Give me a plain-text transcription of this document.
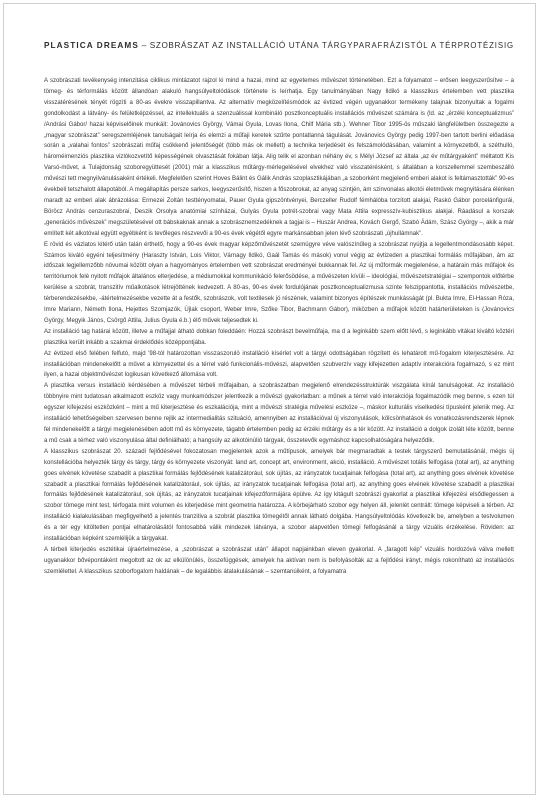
PLASTICA DREAMS – SZOBRÁSZAT AZ INSTALLÁCIÓ UTÁN A TÁRGYPARAFRÁZISTÓL A TÉRPROTÉZISIG

A szobrászati tevékenység intenzitása ciklikus mintázatot rajzol ki mind a hazai, mind az egyetemes művészet történetében. Ezt a folyamatot – erősen leegyszerűsítve – a tömeg- és térformálás között állandóan alakuló hangsúlyeltolódások története is leírhatja. Egy tanulmányában Nagy Ildikó a klasszikus értelemben vett plasztika visszatérésének tényét rögzíti a 80-as évekre visszapillantva. Az alternatív megközelítésmódok az évtized végén ugyanakkor termékeny talajnak bizonyultak a fogalmi gondolkodást a látvány- és felületképzéssel, az intellektuális a szenzuálissal kombináló posztkonceptuális installációs művészet számára is (ld. az „érzéki konceptualizmus” /Andrási Gábor/ hazai képviselőinek munkáit: Jovánovics György, Vámai Gyula, Lovas Ilona, Chilf Mária stb.). Wehner Tibor 1995-ös műszaki lángfelületben összegezte a „magyar szobrászat” seregszemléjének tanulságait leírja és elemzi a műfaji keretek szűrte pontatlanná tágulását. Jovánovics György pedig 1997-ben tartott berlini előadása során a „valahai fontos” szobrászati műfaj csökkenő jelentőségét (több más ok mellett) a technika terjedését és felszámolódásában, valamint a környezetből, a széthulló, hároméimenziós plasztika vizlókozvetítő képességének olvasztását fokában látja. Alig telik el azonban néhány év, s Mélyi József az általa „az év műtárgyaként” méltatott Kis Varsó-művet, a Tulajdonság szoboregyüttesét (2001) már a klasszikus műtárgy-mérlegelésével elvekhez való visszatérésként, s általában a korszellemmel szembeszálló művészi tett megnyilvánulásaként értékeli. Megfelelően szerint Hoves Bálint és Gálik András szoplasztikájában „a szoborként megjelenő emberi alakot is feltámasztották” 90-es évekbeli tetszhalott állapotából. A megállapítás persze sarkos, leegyszerűsítő, hiszen a főszobrokat, az anyag szintjén, ám szinvonalas alkotói életművek megnyitására élénken maradt az emberi alak ábrázolása: Ermezei Zoltán testtényomatai, Pauer Gyula gipszöntvényei, Berczeller Rudolf fémhálóba torzított alakjai, Raskó Gábor porcelánfigurái, Böröcz András cenzuraszobrai, Deszik Orsolya anatómiai színházai, Gulyás Gyula potrét-szobrai vagy Mata Attila expresszív-kubisztikus alakjai. Ráadásul a korszak „generációs művészek” megszületésével ott bábskaknak annak a szobrásznemzedéknek a tagjai is – Huszár Andrea, Kovách Gergő, Szabó Ádám, Szász György –, akik a már említett két alkotóval együtt egyébként is tevőleges részvevői a 90-es évek végétől egyre markánsabban jelen lévő szobrászati „újhullámnak”.

E rövid és vázlatos kitérő után talán érthető, hogy a 90-es évek magyar képzőművészetét szemügyre véve valószínűleg a szobrászat nyújtja a legellentmondásosabb képet. Számos kiváló egyéni teljesítmény (Haraszty István, Lois Viktor, Várnagy Ildikó, Gaál Tamás és mások) vonul végig az évtizeden a plasztikai formálás műfajában, ám az időszak legjellemzőbb növumai között olyan a hagyományos értelemben vett szobrászat eredményei bukkannak fel. Az új műformák megjelenése, a határain más műfajok és territóriumok felé nyitott műfajok általános elterjedése, a médiumokkal kommunikáció felerősödése, a művészeten kívüli – ideológiai, művészetstratégiai – szempontok előtérbe kerülése a szobrát, transzitív műalkotások létrejöttének kedvezett. A 80-as, 90-es évek fordulójának posztkonceptualizmusa színte felszippantotta, installációs művészetbe, térberendezésekbe, -átértelmezésekbe vezette át a festők, szobrászok, volt textilesek jó részének, valamint bizonyos építészek munkásságát (pl. Bukta Imre, El-Hassan Róza, Imre Mariann, Németh Ilona, Hejettes Szomjazók, Újlak csoport, Weber Imre, Szőke Tibor, Bachmann Gábor), miközben a műfajok között határterületeken is (Jovánovics György, Megyik János, Csörgő Attila, Julius Gyula é.b.) élő művek teljesedtek ki.

Az installáció tag határai között, illetve a műfajjal átható dobkan foleddáén: Hozzá szobrászt bevelműfaja, ma d a leginkább szem előtt lévő, s leginkább vitákat kiváltó köztéri plasztika került inkább a szakmai érdeklődés középpontjába.

Az évtized első felében felfutó, majd '98-tól határozottan visszaszoruló installáció kísérlet volt a tárgyi odottságában rögzített és lehatárolt mű-fogalom kiterjesztésére. Az installációban mindenekelőtt a művet a környezettel és a térrel való funkcionális-művészi, alapvetően szubverzív vagy kifejezetten adaptív interakcióra fogalmazó, s ez mint ilyen, a hazai objektművészet logikusan következő állomása volt.

A plasztika versus installáció kérdésében a művészet térbeli műfajaiban, a szobrászatban megjelenő elrendezésstruktúrák viszgálata kínál tanulságokat. Az installáció többnyire mint tudatosan alkalmazott eszköz vagy munkamódszer jelentkezik a művészi gyakorlatban: a műnek a térrel való interakciója fogalmazódik meg benne, s ezen túl egyszer kifejezési eszközként – mint a mű kiterjesztése és eszkalációja, mint a művészi stratégia művelési eszköze –, máskor kulturális viselkedési típusként jelenik meg. Az installáció lehetőségeiben szervesen benne rejlik az intermedialitás szituáció, amennyiben az installációval új viszonyulások, kölcsönhatások és vonatkozásrendszerek lépnek fel mindenekelőtt a tárgyi megjelenésében adott mű és környezete, tágabb értelemben pedig az érzéki műtárgy és a tér között. Az installáció a dolgok izolált léte között, benne a mű csak a térhez való viszonyulása által definiálható; a hangsúly az alkotóinúlió tárgyak, összetevők egymáshoz kapcsolhatóságára helyeződik.

A klasszikus szobrászat 20. századi fejlődésével fokozatosan megjelentek azok a műtípusok, amelyek bár megmaradtak a testek tárgyszerű bemutatásánál, mégis új konstellációba helyezték tárgy és tárgy, tárgy és környezete viszonyát: land art, concept art, environment, akció, installáció. A művészet totális felfogása (total art), az anything goes elvének követése szabadít a plasztikai formálás fejlődésének katalizátorául, sok újítás, az irányzatok tucatjainak felfogása (total art), az anything goes elvének követése szabadít a plasztikai formálás fejlődésének katalizátorául, sok újítás, az irányzatok tucatjainak felfogása (total art), az anything goes elvének követése szabadít a plasztikai formálás fejlődésének katalizátorául, sok újítás, az irányzatok tucatjainak kifejezőformájára épülve. Az így kitágult szobrászi gyakorlat a plasztikai kifejezési elsődlegessen a szobor tömege mint test, térfogata mint volumen és kiterjedése mint geometria határozza. A körbejárható szobor egy helyen áll, jelenlét centrált: tömege képviseli a térben. Az installáció kialakulásában megfigyelhető a jelentés tranzitiva a szobrát plasztika tömegétől annak látható dolgába. Hangsúlyeltolódás következik be, amelyben a testvolumen és a tér egy kitöltetlen pontjai elhatárolásától fontosabbá válik mindezek látványa, a szobor alapvetően tömegi felfogásánál a tárgy vizuális érzékelése. Röviden: az installációban képként szemlélijük a tárgyakat.

A térbeli kiterjedés esztétikai újraértelmezése, a „szobrászat a szobrászat után” állapot napjainkban eleven gyakorlat. A „faragott kép” vizuális hordozóvá válva mellett ugyanakkor bővépontáként megoltott az ok az elkülönülés, összefüggések, amelyek ha aktívan nem is befolyásolták az a fejlődési irányt, mégis rokonítható az installációs szemlélettel. A klasszikus szoborfogalom haldának – de legalábbis átalakulásának – szemtanúiként, a folyamatra
